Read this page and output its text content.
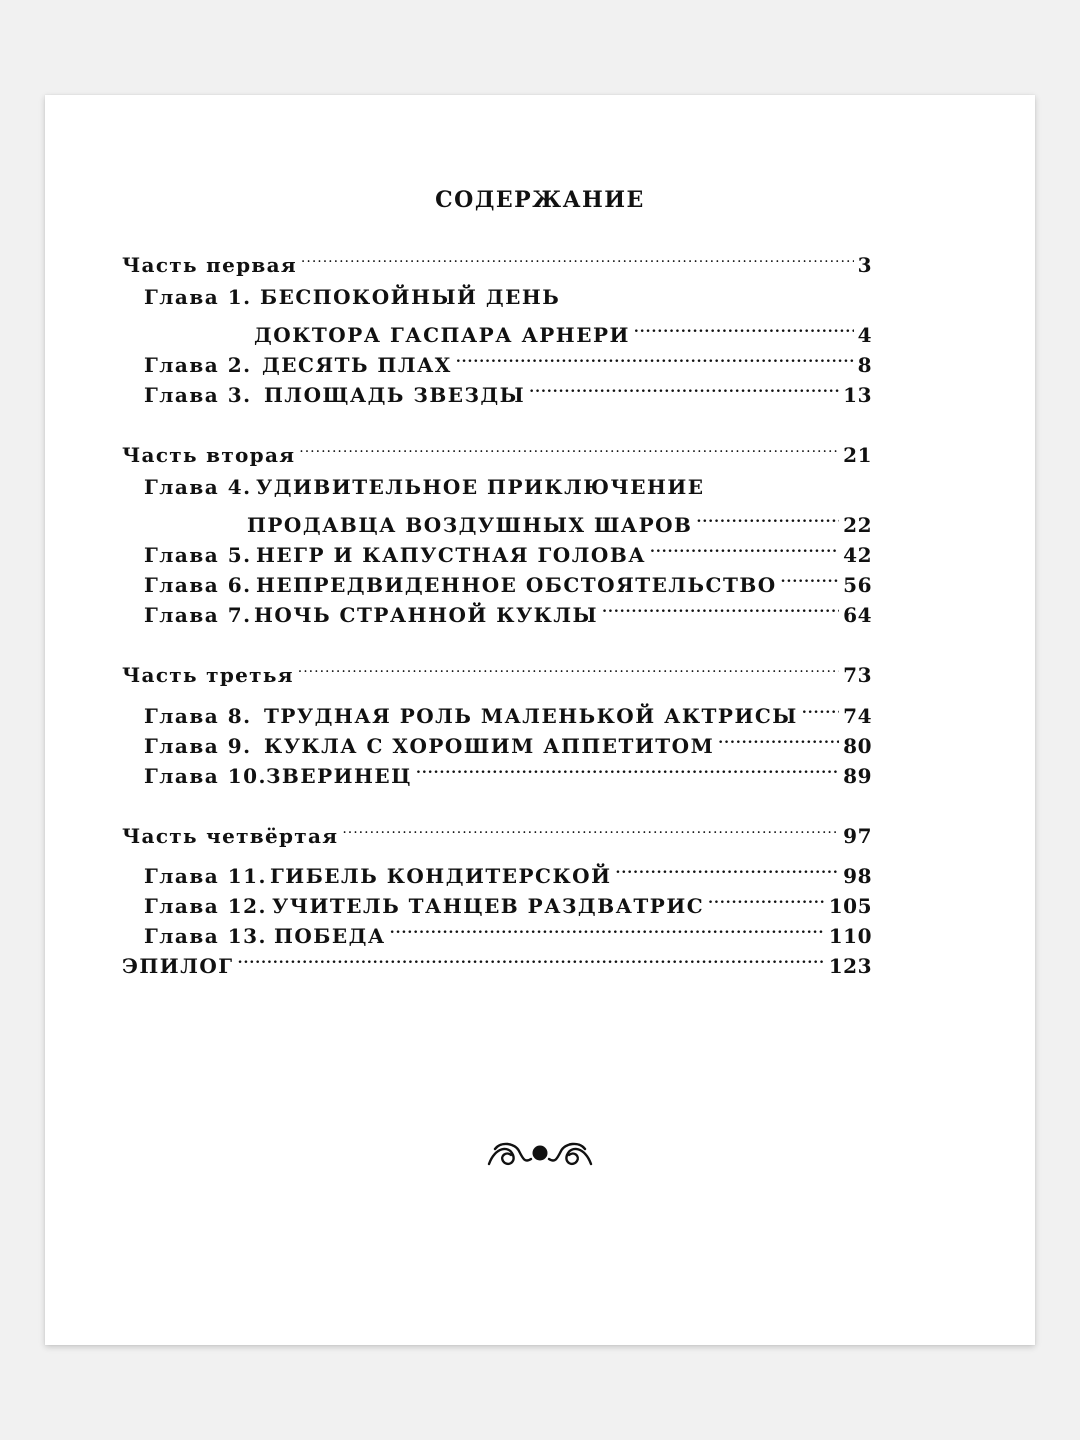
СОДЕРЖАНИЕ
Часть первая .....	3
Глава 1. БЕСПОКОЙНЫЙ ДЕНЬ
ДОКТОРА ГАСПАРА АРНЕРИ .....	4
Глава 2. ДЕСЯТЬ ПЛАХ .....	8
Глава 3. ПЛОЩАДЬ ЗВЕЗДЫ .....	13
Часть вторая .....	21
Глава 4. УДИВИТЕЛЬНОЕ ПРИКЛЮЧЕНИЕ
ПРОДАВЦА ВОЗДУШНЫХ ШАРОВ .....	22
Глава 5. НЕГР И КАПУСТНАЯ ГОЛОВА .....	42
Глава 6. НЕПРЕДВИДЕННОЕ ОБСТОЯТЕЛЬСТВО .....	56
Глава 7. НОЧЬ СТРАННОЙ КУКЛЫ .....	64
Часть третья .....	73
Глава 8. ТРУДНАЯ РОЛЬ МАЛЕНЬКОЙ АКТРИСЫ ..... 74
Глава 9. КУКЛА С ХОРОШИМ АППЕТИТОМ .....	80
Глава 10. ЗВЕРИНЕЦ .....	89
Часть четвёртая .....	97
Глава 11. ГИБЕЛЬ КОНДИТЕРСКОЙ .....	98
Глава 12. УЧИТЕЛЬ ТАНЦЕВ РАЗДВАТРИС .....	105
Глава 13. ПОБЕДА .....	110
ЭПИЛОГ .....	123
